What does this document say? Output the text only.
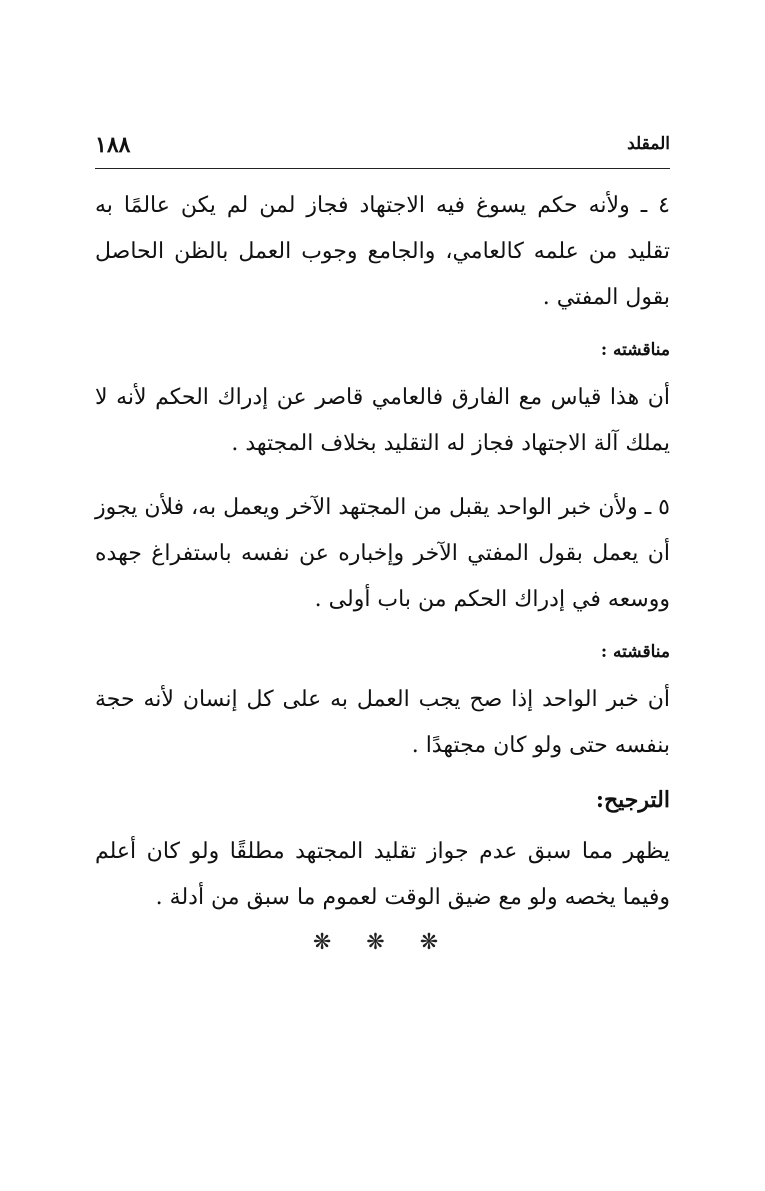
المقلد
١٨٨

٤ ـ ولأنه حكم يسوغ فيه الاجتهاد فجاز لمن لم يكن عالمًا به تقليد من علمه كالعامي، والجامع وجوب العمل بالظن الحاصل بقول المفتي .

مناقشته :

أن هذا قياس مع الفارق فالعامي قاصر عن إدراك الحكم لأنه لا يملك آلة الاجتهاد فجاز له التقليد بخلاف المجتهد .

٥ ـ ولأن خبر الواحد يقبل من المجتهد الآخر ويعمل به، فلأن يجوز أن يعمل بقول المفتي الآخر وإخباره عن نفسه باستفراغ جهده ووسعه في إدراك الحكم من باب أولى .

مناقشته :

أن خبر الواحد إذا صح يجب العمل به على كل إنسان لأنه حجة بنفسه حتى ولو كان مجتهدًا .

الترجيح:

يظهر مما سبق عدم جواز تقليد المجتهد مطلقًا ولو كان أعلم وفيما يخصه ولو مع ضيق الوقت لعموم ما سبق من أدلة .

❋ ❋ ❋
